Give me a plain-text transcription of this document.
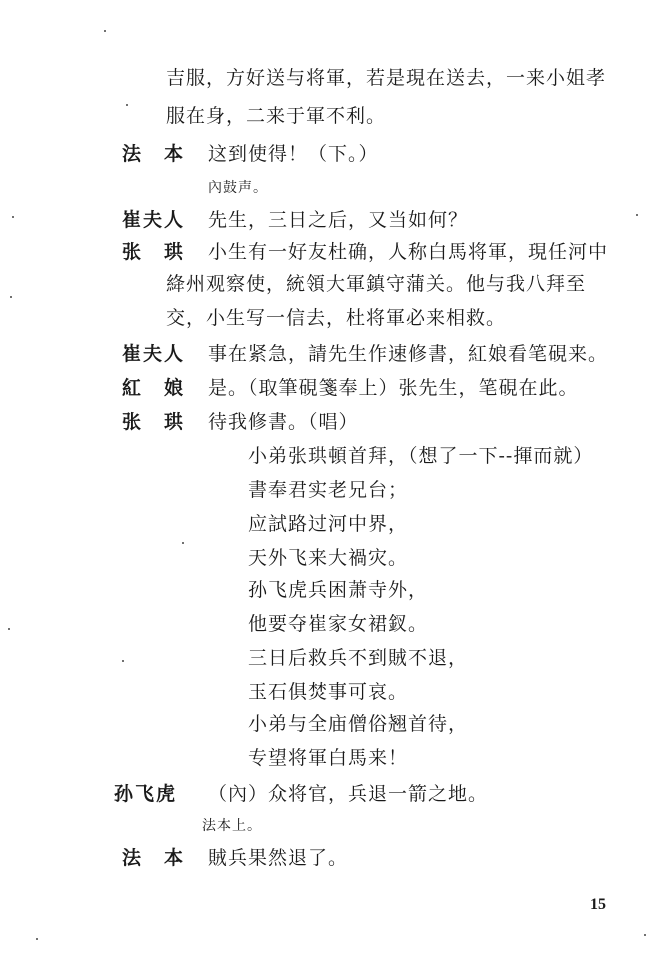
吉服，方好送与将軍，若是現在送去，一来小姐孝
服在身，二来于軍不利。
法　本 这到使得！（下。）
內鼓声。
崔夫人 先生，三日之后，又当如何？
张　珙 小生有一好友杜确，人称白馬将軍，現任河中
絳州观察使，統領大軍鎮守蒲关。他与我八拜至
交，小生写一信去，杜将軍必来相救。
崔夫人 事在紧急，請先生作速修書，紅娘看笔硯来。
紅　娘 是。（取筆硯箋奉上）张先生，笔硯在此。
张　珙 待我修書。（唱）
小弟张珙頓首拜，（想了一下--揮而就）
書奉君实老兄台；
应試路过河中界，
天外飞来大禍灾。
孙飞虎兵困萧寺外，
他要夺崔家女裙釵。
三日后救兵不到賊不退，
玉石俱焚事可哀。
小弟与全庙僧俗翘首待，
专望将軍白馬来！
孙飞虎 （內）众将官，兵退一箭之地。
法本上。
法　本 賊兵果然退了。
15
